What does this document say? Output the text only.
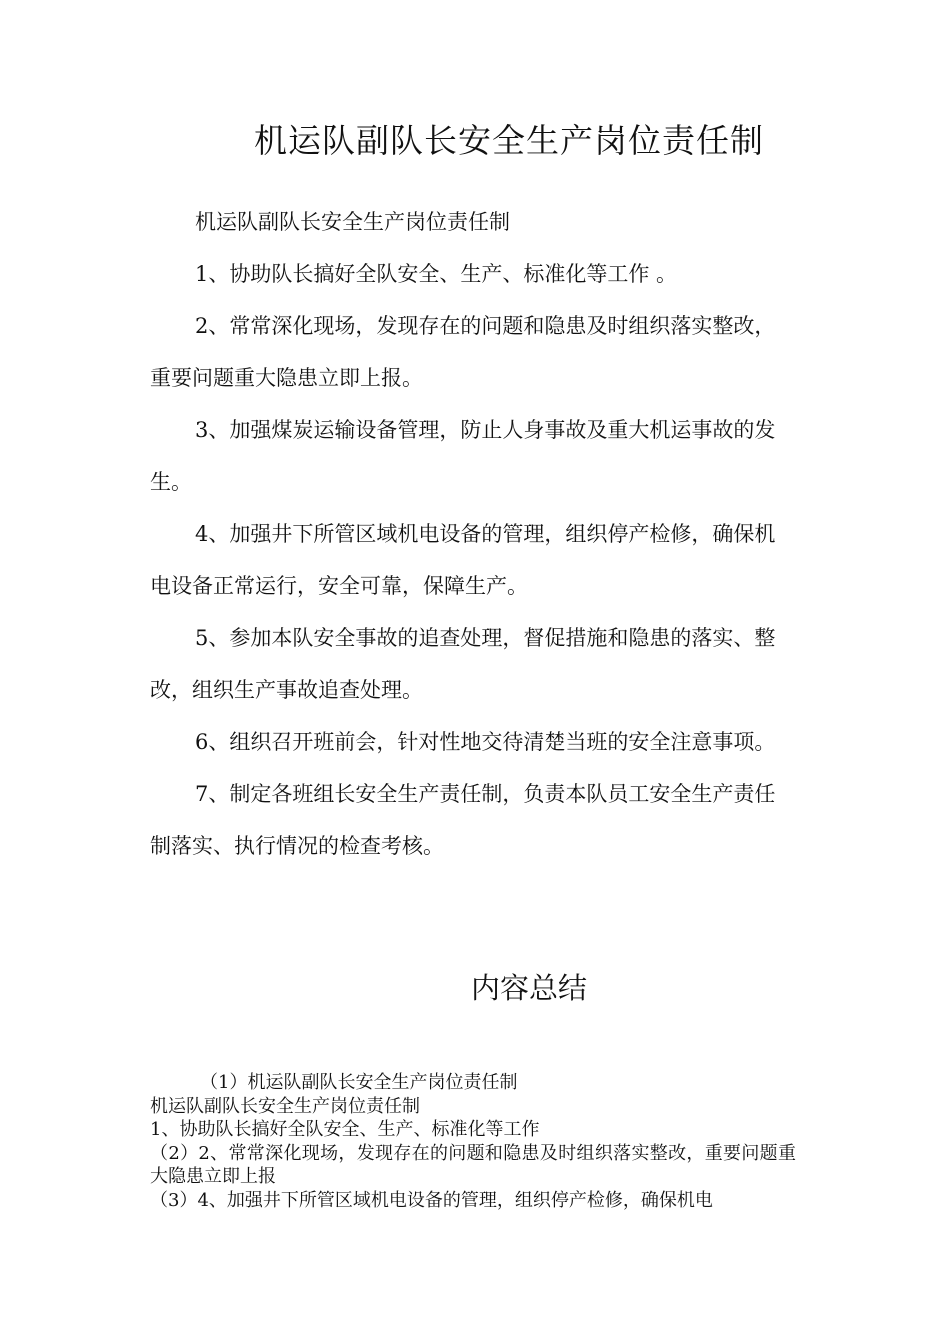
机运队副队长安全生产岗位责任制

机运队副队长安全生产岗位责任制

1、协助队长搞好全队安全、生产、标准化等工作 。

2、常常深化现场，发现存在的问题和隐患及时组织落实整改，重要问题重大隐患立即上报。

3、加强煤炭运输设备管理，防止人身事故及重大机运事故的发生。

4、加强井下所管区域机电设备的管理，组织停产检修，确保机电设备正常运行，安全可靠，保障生产。

5、参加本队安全事故的追查处理，督促措施和隐患的落实、整改，组织生产事故追查处理。

6、组织召开班前会，针对性地交待清楚当班的安全注意事项。

7、制定各班组长安全生产责任制，负责本队员工安全生产责任制落实、执行情况的检查考核。

内容总结

（1）机运队副队长安全生产岗位责任制

机运队副队长安全生产岗位责任制

1、协助队长搞好全队安全、生产、标准化等工作

（2）2、常常深化现场，发现存在的问题和隐患及时组织落实整改，重要问题重大隐患立即上报

（3）4、加强井下所管区域机电设备的管理，组织停产检修，确保机电
